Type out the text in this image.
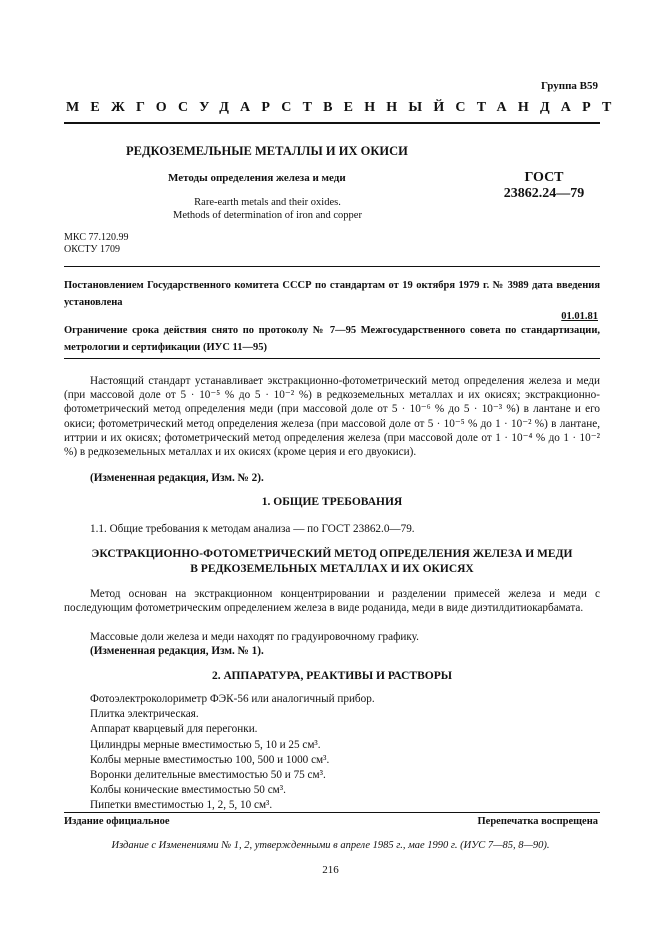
Группа В59
МЕЖГОСУДАРСТВЕННЫЙ СТАНДАРТ
РЕДКОЗЕМЕЛЬНЫЕ МЕТАЛЛЫ И ИХ ОКИСИ
Методы определения железа и меди
Rare-earth metals and their oxides.
Methods of determination of iron and copper
ГОСТ
23862.24—79
МКС 77.120.99
ОКСТУ 1709
Постановлением Государственного комитета СССР по стандартам от 19 октября 1979 г. № 3989 дата введения установлена
01.01.81
Ограничение срока действия снято по протоколу № 7—95 Межгосударственного совета по стандартизации, метрологии и сертификации (ИУС 11—95)
Настоящий стандарт устанавливает экстракционно-фотометрический метод определения железа и меди (при массовой доле от 5 · 10⁻⁵ % до 5 · 10⁻² %) в редкоземельных металлах и их окисях; экстракционно-фотометрический метод определения меди (при массовой доле от 5 · 10⁻⁶ % до 5 · 10⁻³ %) в лантане и его окиси; фотометрический метод определения железа (при массовой доле от 5 · 10⁻⁵ % до 1 · 10⁻² %) в лантане, иттрии и их окисях; фотометрический метод определения железа (при массовой доле от 1 · 10⁻⁴ % до 1 · 10⁻² %) в редкоземельных металлах и их окисях (кроме церия и его двуокиси).
(Измененная редакция, Изм. № 2).
1. ОБЩИЕ ТРЕБОВАНИЯ
1.1. Общие требования к методам анализа — по ГОСТ 23862.0—79.
ЭКСТРАКЦИОННО-ФОТОМЕТРИЧЕСКИЙ МЕТОД ОПРЕДЕЛЕНИЯ ЖЕЛЕЗА И МЕДИ
В РЕДКОЗЕМЕЛЬНЫХ МЕТАЛЛАХ И ИХ ОКИСЯХ
Метод основан на экстракционном концентрировании и разделении примесей железа и меди с последующим фотометрическим определением железа в виде роданида, меди в виде диэтилдитиокарбамата.
Массовые доли железа и меди находят по градуировочному графику.
(Измененная редакция, Изм. № 1).
2. АППАРАТУРА, РЕАКТИВЫ И РАСТВОРЫ
Фотоэлектроколориметр ФЭК-56 или аналогичный прибор.
Плитка электрическая.
Аппарат кварцевый для перегонки.
Цилиндры мерные вместимостью 5, 10 и 25 см³.
Колбы мерные вместимостью 100, 500 и 1000 см³.
Воронки делительные вместимостью 50 и 75 см³.
Колбы конические вместимостью 50 см³.
Пипетки вместимостью 1, 2, 5, 10 см³.
Издание официальное	Перепечатка воспрещена
Издание с Изменениями № 1, 2, утвержденными в апреле 1985 г., мае 1990 г. (ИУС 7—85, 8—90).
216
